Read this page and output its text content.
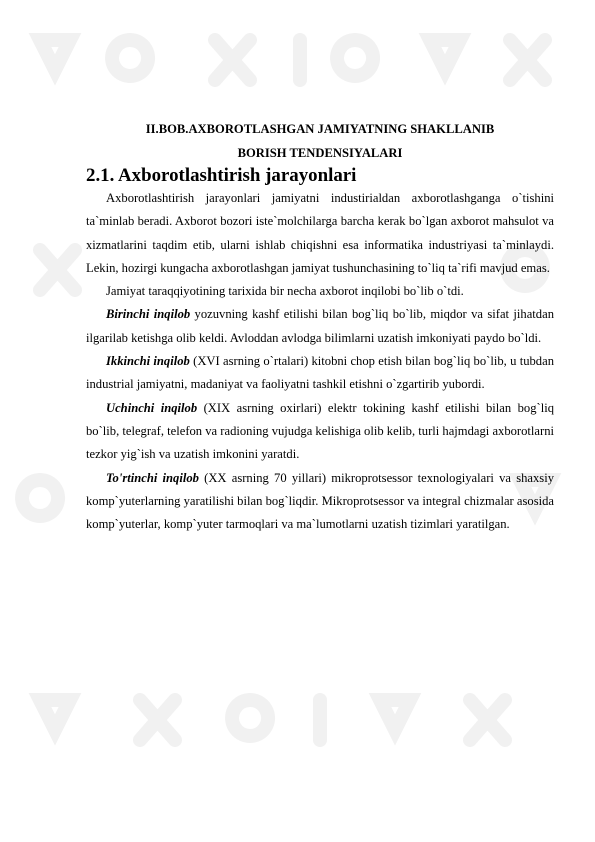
II.BOB.AXBOROTLASHGAN JAMIYATNING SHAKLLANIB
BORISH TENDENSIYALARI
2.1. Axborotlashtirish jarayonlari

Axborotlashtirish jarayonlari jamiyatni industirialdan axborotlashganga o`tishini ta`minlab beradi. Axborot bozori iste`molchilarga barcha kerak bo`lgan axborot mahsulot va xizmatlarini taqdim etib, ularni ishlab chiqishni esa informatika industriyasi ta`minlaydi. Lekin, hozirgi kungacha axborotlashgan jamiyat tushunchasining to`liq ta`rifi mavjud emas.

Jamiyat taraqqiyotining tarixida bir necha axborot inqilobi bo`lib o`tdi.

Birinchi inqilob yozuvning kashf etilishi bilan bog`liq bo`lib, miqdor va sifat jihatdan ilgarilab ketishga olib keldi. Avloddan avlodga bilimlarni uzatish imkoniyati paydo bo`ldi.

Ikkinchi inqilob (XVI asrning o`rtalari) kitobni chop etish bilan bog`liq bo`lib, u tubdan industrial jamiyatni, madaniyat va faoliyatni tashkil etishni o`zgartirib yubordi.

Uchinchi inqilob (XIX asrning oxirlari) elektr tokining kashf etilishi bilan bog`liq bo`lib, telegraf, telefon va radioning vujudga kelishiga olib kelib, turli hajmdagi axborotlarni tezkor yig`ish va uzatish imkonini yaratdi.

To'rtinchi inqilob (XX asrning 70 yillari) mikroprotsessor texnologiyalari va shaxsiy komp`yuterlarning yaratilishi bilan bog`liqdir. Mikroprotsessor va integral chizmalar asosida komp`yuterlar, komp`yuter tarmoqlari va ma`lumotlarni uzatish tizimlari yaratilgan.
